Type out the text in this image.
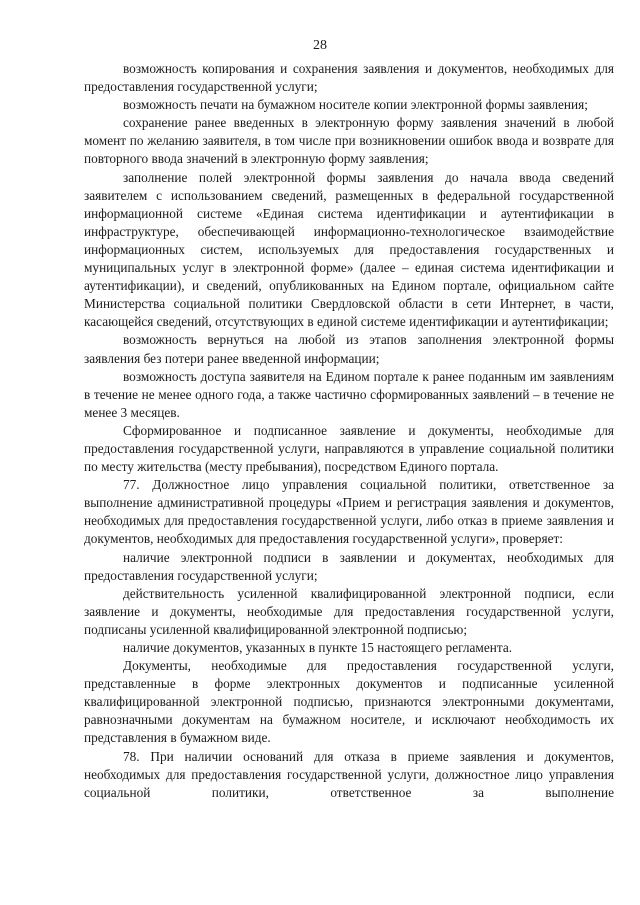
28

возможность копирования и сохранения заявления и документов, необходимых для предоставления государственной услуги;

возможность печати на бумажном носителе копии электронной формы заявления;

сохранение ранее введенных в электронную форму заявления значений в любой момент по желанию заявителя, в том числе при возникновении ошибок ввода и возврате для повторного ввода значений в электронную форму заявления;

заполнение полей электронной формы заявления до начала ввода сведений заявителем с использованием сведений, размещенных в федеральной государственной информационной системе «Единая система идентификации и аутентификации в инфраструктуре, обеспечивающей информационно-технологическое взаимодействие информационных систем, используемых для предоставления государственных и муниципальных услуг в электронной форме» (далее – единая система идентификации и аутентификации), и сведений, опубликованных на Едином портале, официальном сайте Министерства социальной политики Свердловской области в сети Интернет, в части, касающейся сведений, отсутствующих в единой системе идентификации и аутентификации;

возможность вернуться на любой из этапов заполнения электронной формы заявления без потери ранее введенной информации;

возможность доступа заявителя на Едином портале к ранее поданным им заявлениям в течение не менее одного года, а также частично сформированных заявлений – в течение не менее 3 месяцев.

Сформированное и подписанное заявление и документы, необходимые для предоставления государственной услуги, направляются в управление социальной политики по месту жительства (месту пребывания), посредством Единого портала.

77. Должностное лицо управления социальной политики, ответственное за выполнение административной процедуры «Прием и регистрация заявления и документов, необходимых для предоставления государственной услуги, либо отказ в приеме заявления и документов, необходимых для предоставления государственной услуги», проверяет:

наличие электронной подписи в заявлении и документах, необходимых для предоставления государственной услуги;

действительность усиленной квалифицированной электронной подписи, если заявление и документы, необходимые для предоставления государственной услуги, подписаны усиленной квалифицированной электронной подписью;

наличие документов, указанных в пункте 15 настоящего регламента.

Документы, необходимые для предоставления государственной услуги, представленные в форме электронных документов и подписанные усиленной квалифицированной электронной подписью, признаются электронными документами, равнозначными документам на бумажном носителе, и исключают необходимость их представления в бумажном виде.

78. При наличии оснований для отказа в приеме заявления и документов, необходимых для предоставления государственной услуги, должностное лицо управления социальной политики, ответственное за выполнение
